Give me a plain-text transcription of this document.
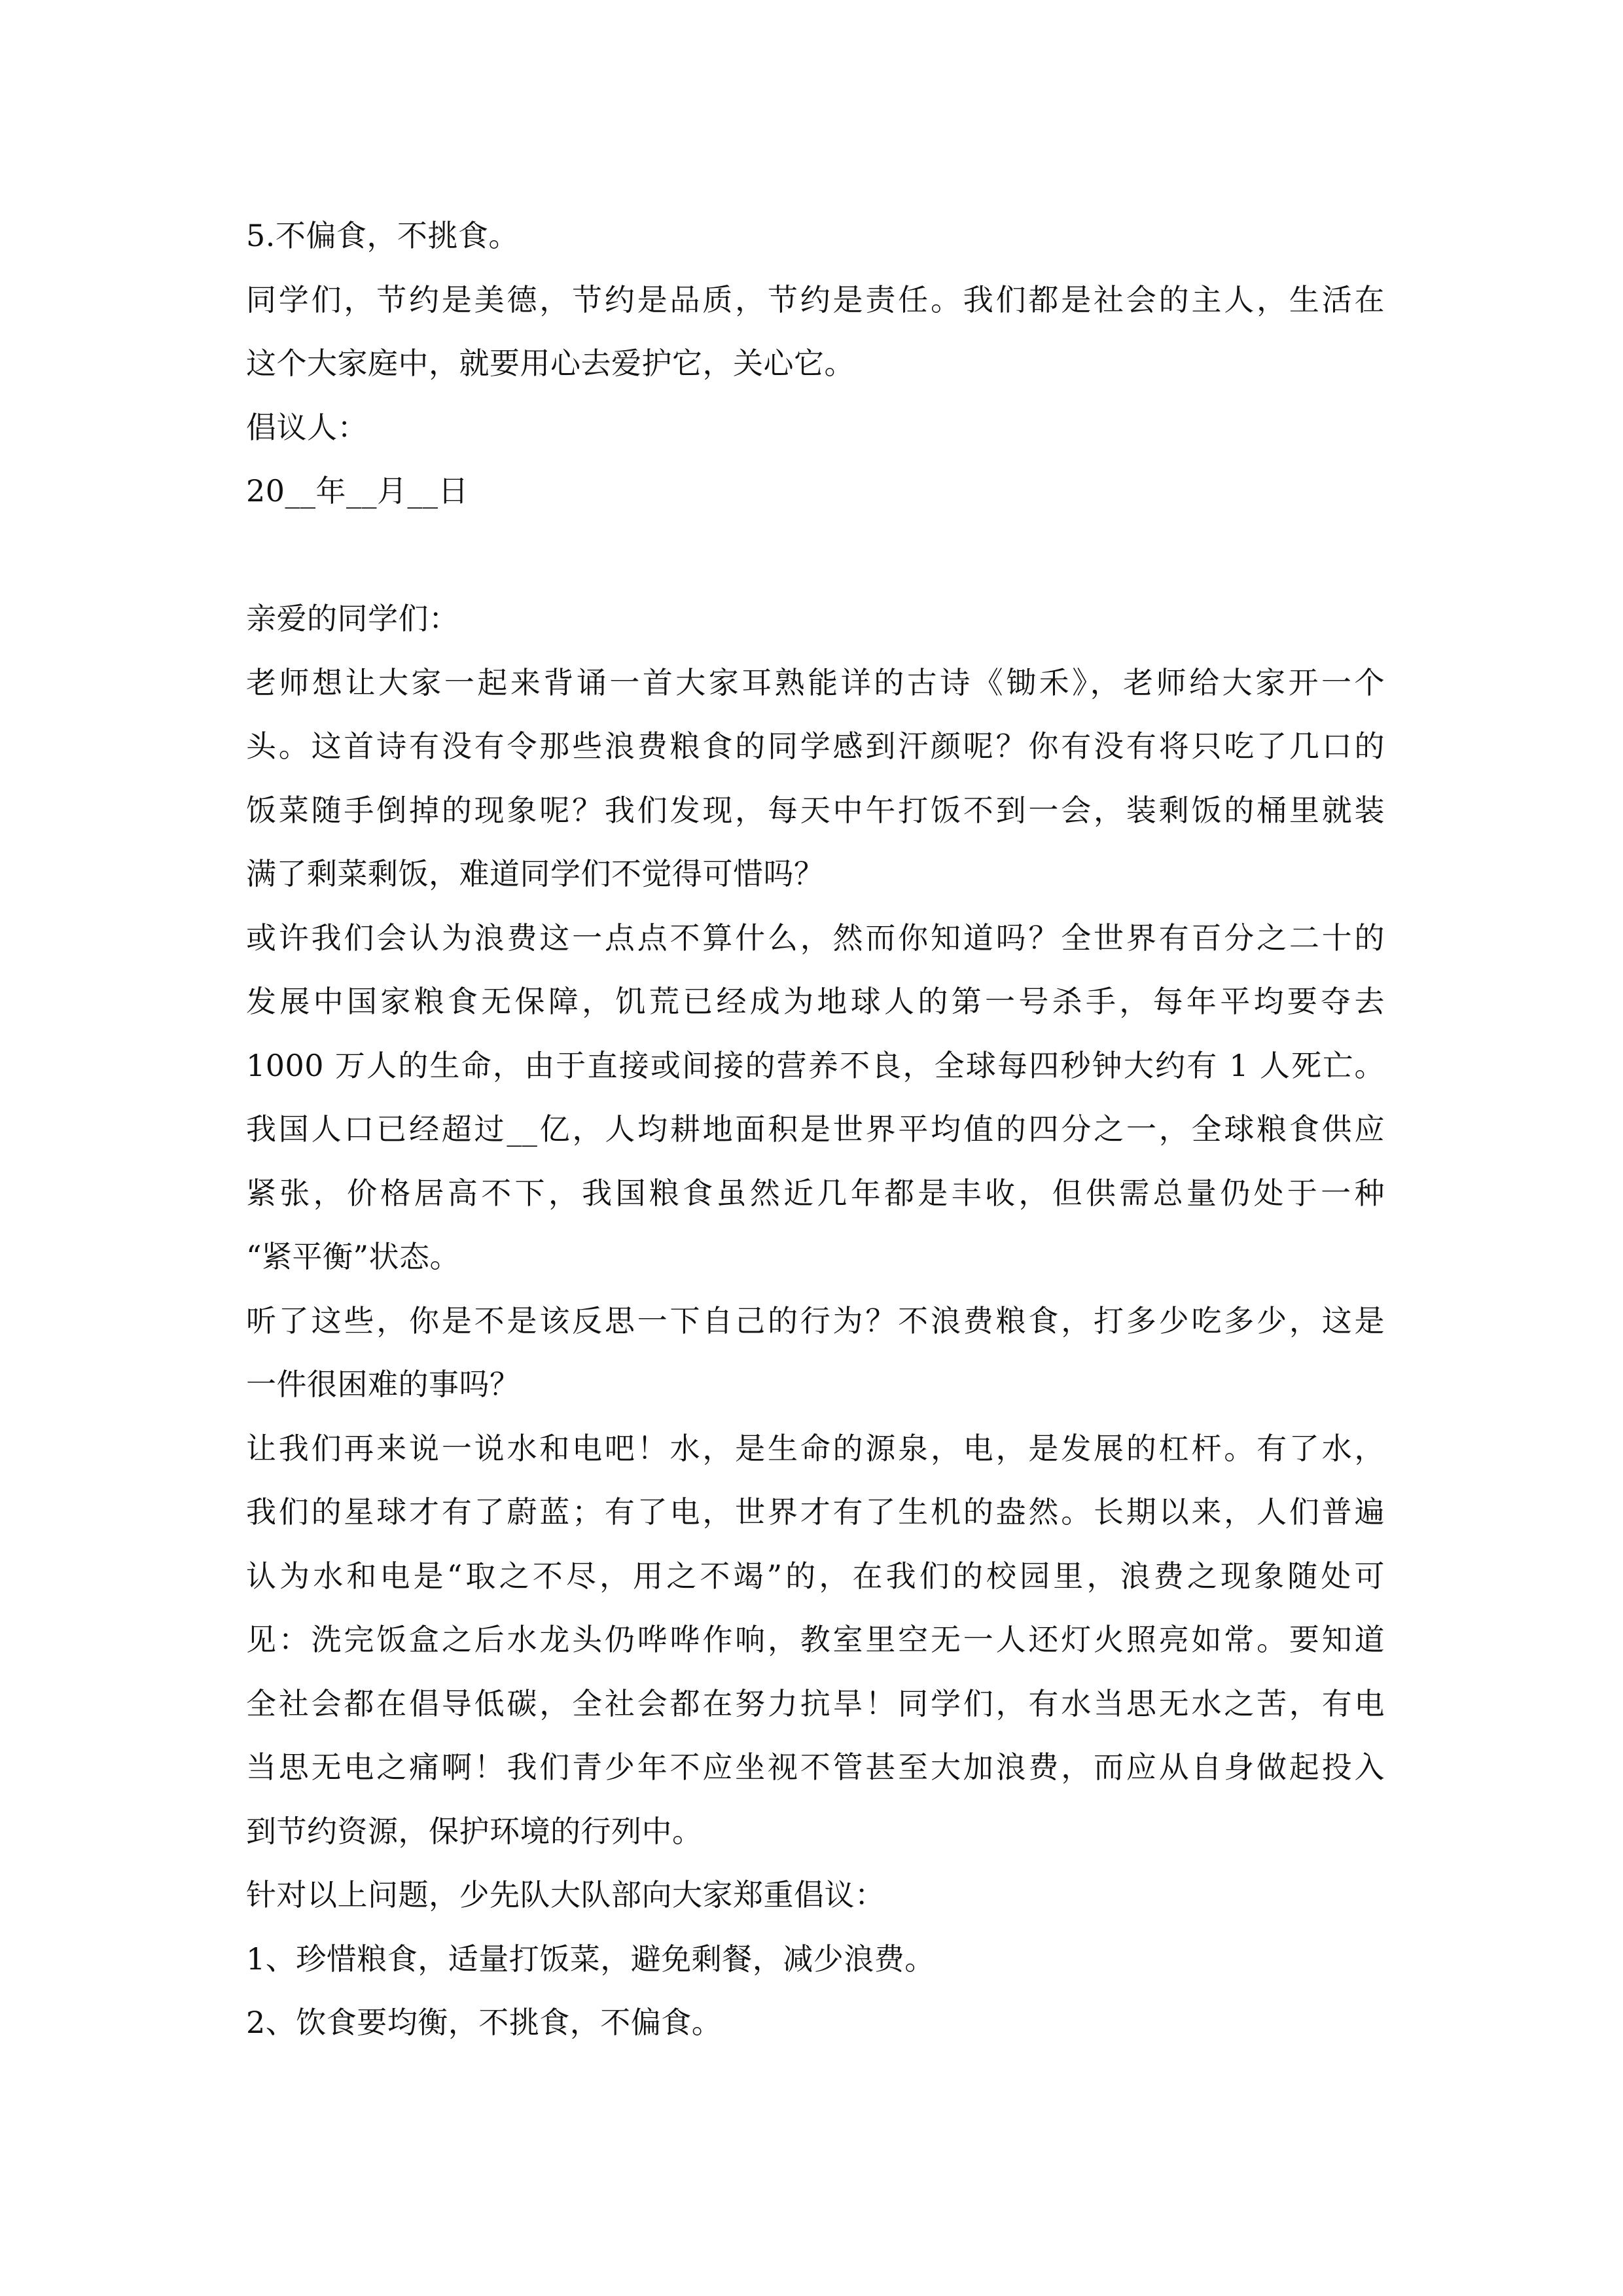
5.不偏食，不挑食。
同学们，节约是美德，节约是品质，节约是责任。我们都是社会的主人，生活在
这个大家庭中，就要用心去爱护它，关心它。
倡议人：
20__年__月__日
亲爱的同学们：
老师想让大家一起来背诵一首大家耳熟能详的古诗《锄禾》，老师给大家开一个
头。这首诗有没有令那些浪费粮食的同学感到汗颜呢？你有没有将只吃了几口的
饭菜随手倒掉的现象呢？我们发现，每天中午打饭不到一会，装剩饭的桶里就装
满了剩菜剩饭，难道同学们不觉得可惜吗？
或许我们会认为浪费这一点点不算什么，然而你知道吗？全世界有百分之二十的
发展中国家粮食无保障，饥荒已经成为地球人的第一号杀手，每年平均要夺去
1000 万人的生命，由于直接或间接的营养不良，全球每四秒钟大约有 1 人死亡。
我国人口已经超过__亿，人均耕地面积是世界平均值的四分之一，全球粮食供应
紧张，价格居高不下，我国粮食虽然近几年都是丰收，但供需总量仍处于一种
“紧平衡”状态。
听了这些，你是不是该反思一下自己的行为？不浪费粮食，打多少吃多少，这是
一件很困难的事吗？
让我们再来说一说水和电吧！水，是生命的源泉，电，是发展的杠杆。有了水，
我们的星球才有了蔚蓝；有了电，世界才有了生机的盎然。长期以来，人们普遍
认为水和电是“取之不尽，用之不竭”的，在我们的校园里，浪费之现象随处可
见：洗完饭盒之后水龙头仍哗哗作响，教室里空无一人还灯火照亮如常。要知道
全社会都在倡导低碳，全社会都在努力抗旱！同学们，有水当思无水之苦，有电
当思无电之痛啊！我们青少年不应坐视不管甚至大加浪费，而应从自身做起投入
到节约资源，保护环境的行列中。
针对以上问题，少先队大队部向大家郑重倡议：
1、珍惜粮食，适量打饭菜，避免剩餐，减少浪费。
2、饮食要均衡，不挑食，不偏食。
